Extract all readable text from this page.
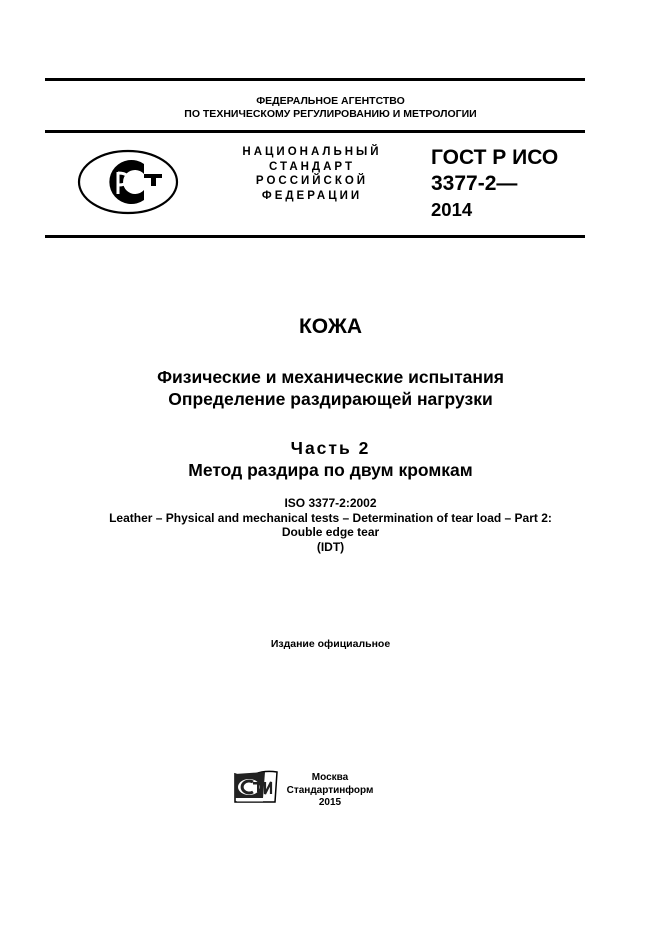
ФЕДЕРАЛЬНОЕ АГЕНТСТВО
ПО ТЕХНИЧЕСКОМУ РЕГУЛИРОВАНИЮ И МЕТРОЛОГИИ
НАЦИОНАЛЬНЫЙ
СТАНДАРТ
РОССИЙСКОЙ
ФЕДЕРАЦИИ
ГОСТ Р ИСО
3377-2—
2014
КОЖА
Физические и механические испытания
Определение раздирающей нагрузки
Часть 2
Метод раздира по двум кромкам
ISO 3377-2:2002
Leather – Physical and mechanical tests – Determination of tear load – Part 2:
Double edge tear
(IDT)
Издание официальное
Москва
Стандартинформ
2015
